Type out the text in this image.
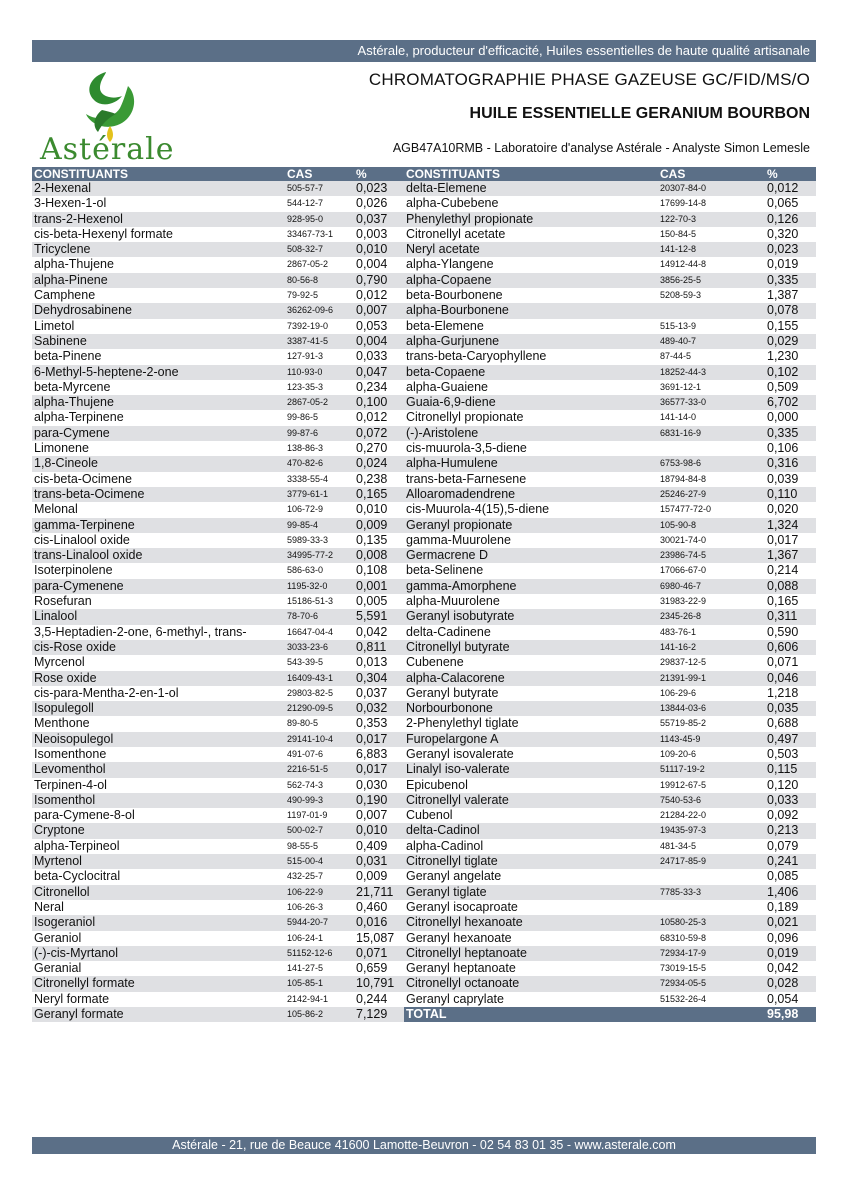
Astérale, producteur d'efficacité, Huiles essentielles de haute qualité artisanale
Astérale
CHROMATOGRAPHIE PHASE GAZEUSE GC/FID/MS/O
HUILE ESSENTIELLE GERANIUM BOURBON
AGB47A10RMB - Laboratoire d'analyse Astérale - Analyste Simon Lemesle
CONSTITUANTS	CAS	%	CONSTITUANTS	CAS	%
2-Hexenal	505-57-7	0,023	delta-Elemene	20307-84-0	0,012
3-Hexen-1-ol	544-12-7	0,026	alpha-Cubebene	17699-14-8	0,065
trans-2-Hexenol	928-95-0	0,037	Phenylethyl propionate	122-70-3	0,126
cis-beta-Hexenyl formate	33467-73-1	0,003	Citronellyl acetate	150-84-5	0,320
Tricyclene	508-32-7	0,010	Neryl acetate	141-12-8	0,023
alpha-Thujene	2867-05-2	0,004	alpha-Ylangene	14912-44-8	0,019
alpha-Pinene	80-56-8	0,790	alpha-Copaene	3856-25-5	0,335
Camphene	79-92-5	0,012	beta-Bourbonene	5208-59-3	1,387
Dehydrosabinene	36262-09-6	0,007	alpha-Bourbonene		0,078
Limetol	7392-19-0	0,053	beta-Elemene	515-13-9	0,155
Sabinene	3387-41-5	0,004	alpha-Gurjunene	489-40-7	0,029
beta-Pinene	127-91-3	0,033	trans-beta-Caryophyllene	87-44-5	1,230
6-Methyl-5-heptene-2-one	110-93-0	0,047	beta-Copaene	18252-44-3	0,102
beta-Myrcene	123-35-3	0,234	alpha-Guaiene	3691-12-1	0,509
alpha-Thujene	2867-05-2	0,100	Guaia-6,9-diene	36577-33-0	6,702
alpha-Terpinene	99-86-5	0,012	Citronellyl propionate	141-14-0	0,000
para-Cymene	99-87-6	0,072	(-)-Aristolene	6831-16-9	0,335
Limonene	138-86-3	0,270	cis-muurola-3,5-diene		0,106
1,8-Cineole	470-82-6	0,024	alpha-Humulene	6753-98-6	0,316
cis-beta-Ocimene	3338-55-4	0,238	trans-beta-Farnesene	18794-84-8	0,039
trans-beta-Ocimene	3779-61-1	0,165	Alloaromadendrene	25246-27-9	0,110
Melonal	106-72-9	0,010	cis-Muurola-4(15),5-diene	157477-72-0	0,020
gamma-Terpinene	99-85-4	0,009	Geranyl propionate	105-90-8	1,324
cis-Linalool oxide	5989-33-3	0,135	gamma-Muurolene	30021-74-0	0,017
trans-Linalool oxide	34995-77-2	0,008	Germacrene D	23986-74-5	1,367
Isoterpinolene	586-63-0	0,108	beta-Selinene	17066-67-0	0,214
para-Cymenene	1195-32-0	0,001	gamma-Amorphene	6980-46-7	0,088
Rosefuran	15186-51-3	0,005	alpha-Muurolene	31983-22-9	0,165
Linalool	78-70-6	5,591	Geranyl isobutyrate	2345-26-8	0,311
3,5-Heptadien-2-one, 6-methyl-, trans-	16647-04-4	0,042	delta-Cadinene	483-76-1	0,590
cis-Rose oxide	3033-23-6	0,811	Citronellyl butyrate	141-16-2	0,606
Myrcenol	543-39-5	0,013	Cubenene	29837-12-5	0,071
Rose oxide	16409-43-1	0,304	alpha-Calacorene	21391-99-1	0,046
cis-para-Mentha-2-en-1-ol	29803-82-5	0,037	Geranyl butyrate	106-29-6	1,218
Isopulegoll	21290-09-5	0,032	Norbourbonone	13844-03-6	0,035
Menthone	89-80-5	0,353	2-Phenylethyl tiglate	55719-85-2	0,688
Neoisopulegol	29141-10-4	0,017	Furopelargone A	1143-45-9	0,497
Isomenthone	491-07-6	6,883	Geranyl isovalerate	109-20-6	0,503
Levomenthol	2216-51-5	0,017	Linalyl iso-valerate	51117-19-2	0,115
Terpinen-4-ol	562-74-3	0,030	Epicubenol	19912-67-5	0,120
Isomenthol	490-99-3	0,190	Citronellyl valerate	7540-53-6	0,033
para-Cymene-8-ol	1197-01-9	0,007	Cubenol	21284-22-0	0,092
Cryptone	500-02-7	0,010	delta-Cadinol	19435-97-3	0,213
alpha-Terpineol	98-55-5	0,409	alpha-Cadinol	481-34-5	0,079
Myrtenol	515-00-4	0,031	Citronellyl tiglate	24717-85-9	0,241
beta-Cyclocitral	432-25-7	0,009	Geranyl angelate		0,085
Citronellol	106-22-9	21,711	Geranyl tiglate	7785-33-3	1,406
Neral	106-26-3	0,460	Geranyl isocaproate		0,189
Isogeraniol	5944-20-7	0,016	Citronellyl hexanoate	10580-25-3	0,021
Geraniol	106-24-1	15,087	Geranyl hexanoate	68310-59-8	0,096
(-)-cis-Myrtanol	51152-12-6	0,071	Citronellyl heptanoate	72934-17-9	0,019
Geranial	141-27-5	0,659	Geranyl heptanoate	73019-15-5	0,042
Citronellyl formate	105-85-1	10,791	Citronellyl octanoate	72934-05-5	0,028
Neryl formate	2142-94-1	0,244	Geranyl caprylate	51532-26-4	0,054
Geranyl formate	105-86-2	7,129	TOTAL		95,98
Astérale - 21, rue de Beauce 41600 Lamotte-Beuvron - 02 54 83 01 35 - www.asterale.com
